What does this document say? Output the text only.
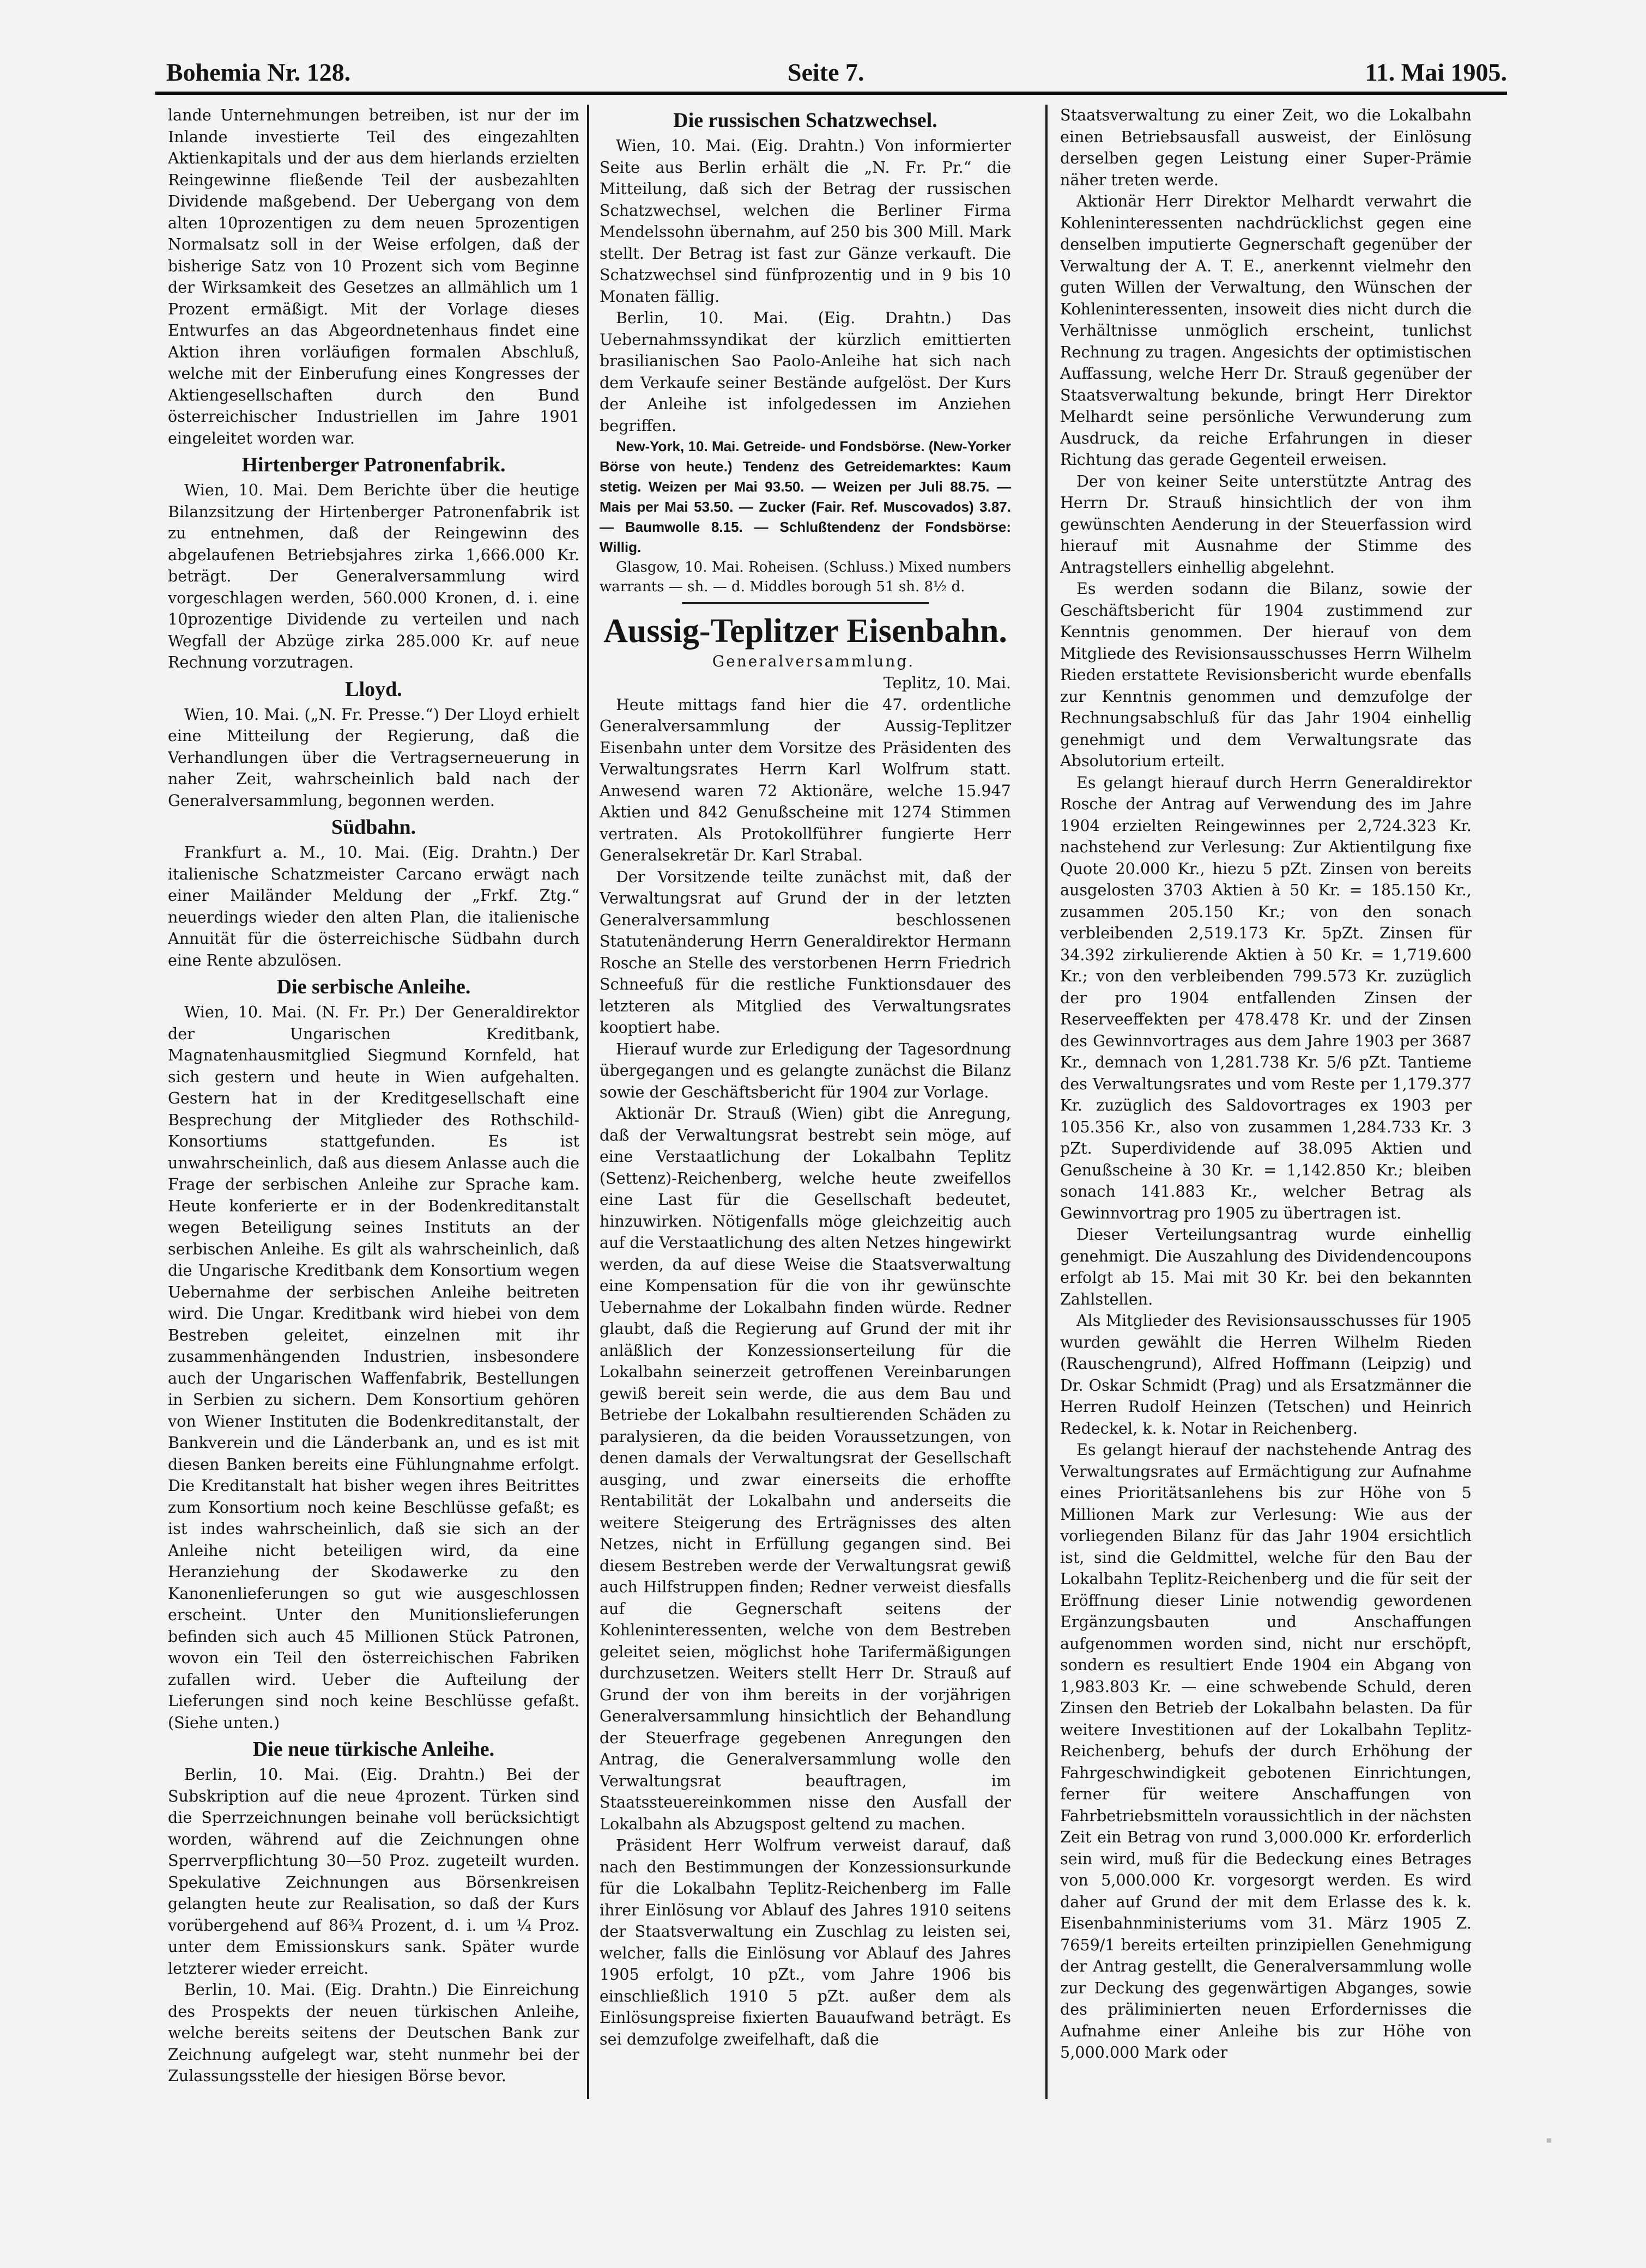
Bohemia Nr. 128.	Seite 7.	11. Mai 1905.

lande Unternehmungen betreiben, ist nur der im Inlande investierte Teil des eingezahlten Aktienkapitals und der aus dem hierlands erzielten Reingewinne fließende Teil der ausbezahlten Dividende maßgebend. Der Uebergang von dem alten 10prozentigen zu dem neuen 5prozentigen Normalsatz soll in der Weise erfolgen, daß der bisherige Satz von 10 Prozent sich vom Beginne der Wirksamkeit des Gesetzes an allmählich um 1 Prozent ermäßigt. Mit der Vorlage dieses Entwurfes an das Abgeordnetenhaus findet eine Aktion ihren vorläufigen formalen Abschluß, welche mit der Einberufung eines Kongresses der Aktiengesellschaften durch den Bund österreichischer Industriellen im Jahre 1901 eingeleitet worden war.

Hirtenberger Patronenfabrik.

Wien, 10. Mai. Dem Berichte über die heutige Bilanzsitzung der Hirtenberger Patronenfabrik ist zu entnehmen, daß der Reingewinn des abgelaufenen Betriebsjahres zirka 1,666.000 Kr. beträgt. Der Generalversammlung wird vorgeschlagen werden, 560.000 Kronen, d. i. eine 10prozentige Dividende zu verteilen und nach Wegfall der Abzüge zirka 285.000 Kr. auf neue Rechnung vorzutragen.

Lloyd.

Wien, 10. Mai. („N. Fr. Presse.“) Der Lloyd erhielt eine Mitteilung der Regierung, daß die Verhandlungen über die Vertragserneuerung in naher Zeit, wahrscheinlich bald nach der Generalversammlung, begonnen werden.

Südbahn.

Frankfurt a. M., 10. Mai. (Eig. Drahtn.) Der italienische Schatzmeister Carcano erwägt nach einer Mailänder Meldung der „Frkf. Ztg.“ neuerdings wieder den alten Plan, die italienische Annuität für die österreichische Südbahn durch eine Rente abzulösen.

Die serbische Anleihe.

Wien, 10. Mai. (N. Fr. Pr.) Der Generaldirektor der Ungarischen Kreditbank, Magnatenhausmitglied Siegmund Kornfeld, hat sich gestern und heute in Wien aufgehalten. Gestern hat in der Kreditgesellschaft eine Besprechung der Mitglieder des Rothschild-Konsortiums stattgefunden. Es ist unwahrscheinlich, daß aus diesem Anlasse auch die Frage der serbischen Anleihe zur Sprache kam. Heute konferierte er in der Bodenkreditanstalt wegen Beteiligung seines Instituts an der serbischen Anleihe. Es gilt als wahrscheinlich, daß die Ungarische Kreditbank dem Konsortium wegen Uebernahme der serbischen Anleihe beitreten wird. Die Ungar. Kreditbank wird hiebei von dem Bestreben geleitet, einzelnen mit ihr zusammenhängenden Industrien, insbesondere auch der Ungarischen Waffenfabrik, Bestellungen in Serbien zu sichern. Dem Konsortium gehören von Wiener Instituten die Bodenkreditanstalt, der Bankverein und die Länderbank an, und es ist mit diesen Banken bereits eine Fühlungnahme erfolgt. Die Kreditanstalt hat bisher wegen ihres Beitrittes zum Konsortium noch keine Beschlüsse gefaßt; es ist indes wahrscheinlich, daß sie sich an der Anleihe nicht beteiligen wird, da eine Heranziehung der Skodawerke zu den Kanonenlieferungen so gut wie ausgeschlossen erscheint. Unter den Munitionslieferungen befinden sich auch 45 Millionen Stück Patronen, wovon ein Teil den österreichischen Fabriken zufallen wird. Ueber die Aufteilung der Lieferungen sind noch keine Beschlüsse gefaßt. (Siehe unten.)

Die neue türkische Anleihe.

Berlin, 10. Mai. (Eig. Drahtn.) Bei der Subskription auf die neue 4prozent. Türken sind die Sperrzeichnungen beinahe voll berücksichtigt worden, während auf die Zeichnungen ohne Sperrverpflichtung 30—50 Proz. zugeteilt wurden. Spekulative Zeichnungen aus Börsenkreisen gelangten heute zur Realisation, so daß der Kurs vorübergehend auf 86¾ Prozent, d. i. um ¼ Proz. unter dem Emissionskurs sank. Später wurde letzterer wieder erreicht.

Berlin, 10. Mai. (Eig. Drahtn.) Die Einreichung des Prospekts der neuen türkischen Anleihe, welche bereits seitens der Deutschen Bank zur Zeichnung aufgelegt war, steht nunmehr bei der Zulassungsstelle der hiesigen Börse bevor.

Die russischen Schatzwechsel.

Wien, 10. Mai. (Eig. Drahtn.) Von informierter Seite aus Berlin erhält die „N. Fr. Pr.“ die Mitteilung, daß sich der Betrag der russischen Schatzwechsel, welchen die Berliner Firma Mendelssohn übernahm, auf 250 bis 300 Mill. Mark stellt. Der Betrag ist fast zur Gänze verkauft. Die Schatzwechsel sind fünfprozentig und in 9 bis 10 Monaten fällig.

Berlin, 10. Mai. (Eig. Drahtn.) Das Uebernahmssyndikat der kürzlich emittierten brasilianischen Sao Paolo-Anleihe hat sich nach dem Verkaufe seiner Bestände aufgelöst. Der Kurs der Anleihe ist infolgedessen im Anziehen begriffen.

New-York, 10. Mai. Getreide- und Fondsbörse. (New-Yorker Börse von heute.) Tendenz des Getreidemarktes: Kaum stetig. Weizen per Mai 93.50. — Weizen per Juli 88.75. — Mais per Mai 53.50. — Zucker (Fair. Ref. Muscovados) 3.87. — Baumwolle 8.15. — Schlußtendenz der Fondsbörse: Willig.

Glasgow, 10. Mai. Roheisen. (Schluss.) Mixed numbers warrants — sh. — d. Middles borough 51 sh. 8½ d.

Aussig-Teplitzer Eisenbahn.

Generalversammlung.

Teplitz, 10. Mai.

Heute mittags fand hier die 47. ordentliche Generalversammlung der Aussig-Teplitzer Eisenbahn unter dem Vorsitze des Präsidenten des Verwaltungsrates Herrn Karl Wolfrum statt. Anwesend waren 72 Aktionäre, welche 15.947 Aktien und 842 Genußscheine mit 1274 Stimmen vertraten. Als Protokollführer fungierte Herr Generalsekretär Dr. Karl Strabal.

Der Vorsitzende teilte zunächst mit, daß der Verwaltungsrat auf Grund der in der letzten Generalversammlung beschlossenen Statutenänderung Herrn Generaldirektor Hermann Rosche an Stelle des verstorbenen Herrn Friedrich Schneefuß für die restliche Funktionsdauer des letzteren als Mitglied des Verwaltungsrates kooptiert habe.

Hierauf wurde zur Erledigung der Tagesordnung übergegangen und es gelangte zunächst die Bilanz sowie der Geschäftsbericht für 1904 zur Vorlage.

Aktionär Dr. Strauß (Wien) gibt die Anregung, daß der Verwaltungsrat bestrebt sein möge, auf eine Verstaatlichung der Lokalbahn Teplitz (Settenz)-Reichenberg, welche heute zweifellos eine Last für die Gesellschaft bedeutet, hinzuwirken. Nötigenfalls möge gleichzeitig auch auf die Verstaatlichung des alten Netzes hingewirkt werden, da auf diese Weise die Staatsverwaltung eine Kompensation für die von ihr gewünschte Uebernahme der Lokalbahn finden würde. Redner glaubt, daß die Regierung auf Grund der mit ihr anläßlich der Konzessionserteilung für die Lokalbahn seinerzeit getroffenen Vereinbarungen gewiß bereit sein werde, die aus dem Bau und Betriebe der Lokalbahn resultierenden Schäden zu paralysieren, da die beiden Voraussetzungen, von denen damals der Verwaltungsrat der Gesellschaft ausging, und zwar einerseits die erhoffte Rentabilität der Lokalbahn und anderseits die weitere Steigerung des Erträgnisses des alten Netzes, nicht in Erfüllung gegangen sind. Bei diesem Bestreben werde der Verwaltungsrat gewiß auch Hilfstruppen finden; Redner verweist diesfalls auf die Gegnerschaft seitens der Kohleninteressenten, welche von dem Bestreben geleitet seien, möglichst hohe Tarifermäßigungen durchzusetzen. Weiters stellt Herr Dr. Strauß auf Grund der von ihm bereits in der vorjährigen Generalversammlung hinsichtlich der Behandlung der Steuerfrage gegebenen Anregungen den Antrag, die Generalversammlung wolle den Verwaltungsrat beauftragen, im Staatssteuereinkommen nisse den Ausfall der Lokalbahn als Abzugspost geltend zu machen.

Präsident Herr Wolfrum verweist darauf, daß nach den Bestimmungen der Konzessionsurkunde für die Lokalbahn Teplitz-Reichenberg im Falle ihrer Einlösung vor Ablauf des Jahres 1910 seitens der Staatsverwaltung ein Zuschlag zu leisten sei, welcher, falls die Einlösung vor Ablauf des Jahres 1905 erfolgt, 10 pZt., vom Jahre 1906 bis einschließlich 1910 5 pZt. außer dem als Einlösungspreise fixierten Bauaufwand beträgt. Es sei demzufolge zweifelhaft, daß die

Staatsverwaltung zu einer Zeit, wo die Lokalbahn einen Betriebsausfall ausweist, der Einlösung derselben gegen Leistung einer Super-Prämie näher treten werde.

Aktionär Herr Direktor Melhardt verwahrt die Kohleninteressenten nachdrücklichst gegen eine denselben imputierte Gegnerschaft gegenüber der Verwaltung der A. T. E., anerkennt vielmehr den guten Willen der Verwaltung, den Wünschen der Kohleninteressenten, insoweit dies nicht durch die Verhältnisse unmöglich erscheint, tunlichst Rechnung zu tragen. Angesichts der optimistischen Auffassung, welche Herr Dr. Strauß gegenüber der Staatsverwaltung bekunde, bringt Herr Direktor Melhardt seine persönliche Verwunderung zum Ausdruck, da reiche Erfahrungen in dieser Richtung das gerade Gegenteil erweisen.

Der von keiner Seite unterstützte Antrag des Herrn Dr. Strauß hinsichtlich der von ihm gewünschten Aenderung in der Steuerfassion wird hierauf mit Ausnahme der Stimme des Antragstellers einhellig abgelehnt.

Es werden sodann die Bilanz, sowie der Geschäftsbericht für 1904 zustimmend zur Kenntnis genommen. Der hierauf von dem Mitgliede des Revisionsausschusses Herrn Wilhelm Rieden erstattete Revisionsbericht wurde ebenfalls zur Kenntnis genommen und demzufolge der Rechnungsabschluß für das Jahr 1904 einhellig genehmigt und dem Verwaltungsrate das Absolutorium erteilt.

Es gelangt hierauf durch Herrn Generaldirektor Rosche der Antrag auf Verwendung des im Jahre 1904 erzielten Reingewinnes per 2,724.323 Kr. nachstehend zur Verlesung: Zur Aktientilgung fixe Quote 20.000 Kr., hiezu 5 pZt. Zinsen von bereits ausgelosten 3703 Aktien à 50 Kr. = 185.150 Kr., zusammen 205.150 Kr.; von den sonach verbleibenden 2,519.173 Kr. 5pZt. Zinsen für 34.392 zirkulierende Aktien à 50 Kr. = 1,719.600 Kr.; von den verbleibenden 799.573 Kr. zuzüglich der pro 1904 entfallenden Zinsen der Reserveeffekten per 478.478 Kr. und der Zinsen des Gewinnvortrages aus dem Jahre 1903 per 3687 Kr., demnach von 1,281.738 Kr. 5/6 pZt. Tantieme des Verwaltungsrates und vom Reste per 1,179.377 Kr. zuzüglich des Saldovortrages ex 1903 per 105.356 Kr., also von zusammen 1,284.733 Kr. 3 pZt. Superdividende auf 38.095 Aktien und Genußscheine à 30 Kr. = 1,142.850 Kr.; bleiben sonach 141.883 Kr., welcher Betrag als Gewinnvortrag pro 1905 zu übertragen ist.

Dieser Verteilungsantrag wurde einhellig genehmigt. Die Auszahlung des Dividendencoupons erfolgt ab 15. Mai mit 30 Kr. bei den bekannten Zahlstellen.

Als Mitglieder des Revisionsausschusses für 1905 wurden gewählt die Herren Wilhelm Rieden (Rauschengrund), Alfred Hoffmann (Leipzig) und Dr. Oskar Schmidt (Prag) und als Ersatzmänner die Herren Rudolf Heinzen (Tetschen) und Heinrich Redeckel, k. k. Notar in Reichenberg.

Es gelangt hierauf der nachstehende Antrag des Verwaltungsrates auf Ermächtigung zur Aufnahme eines Prioritätsanlehens bis zur Höhe von 5 Millionen Mark zur Verlesung: Wie aus der vorliegenden Bilanz für das Jahr 1904 ersichtlich ist, sind die Geldmittel, welche für den Bau der Lokalbahn Teplitz-Reichenberg und die für seit der Eröffnung dieser Linie notwendig gewordenen Ergänzungsbauten und Anschaffungen aufgenommen worden sind, nicht nur erschöpft, sondern es resultiert Ende 1904 ein Abgang von 1,983.803 Kr. — eine schwebende Schuld, deren Zinsen den Betrieb der Lokalbahn belasten. Da für weitere Investitionen auf der Lokalbahn Teplitz-Reichenberg, behufs der durch Erhöhung der Fahrgeschwindigkeit gebotenen Einrichtungen, ferner für weitere Anschaffungen von Fahrbetriebsmitteln voraussichtlich in der nächsten Zeit ein Betrag von rund 3,000.000 Kr. erforderlich sein wird, muß für die Bedeckung eines Betrages von 5,000.000 Kr. vorgesorgt werden. Es wird daher auf Grund der mit dem Erlasse des k. k. Eisenbahnministeriums vom 31. März 1905 Z. 7659/1 bereits erteilten prinzipiellen Genehmigung der Antrag gestellt, die Generalversammlung wolle zur Deckung des gegenwärtigen Abganges, sowie des präliminierten neuen Erfordernisses die Aufnahme einer Anleihe bis zur Höhe von 5,000.000 Mark oder
